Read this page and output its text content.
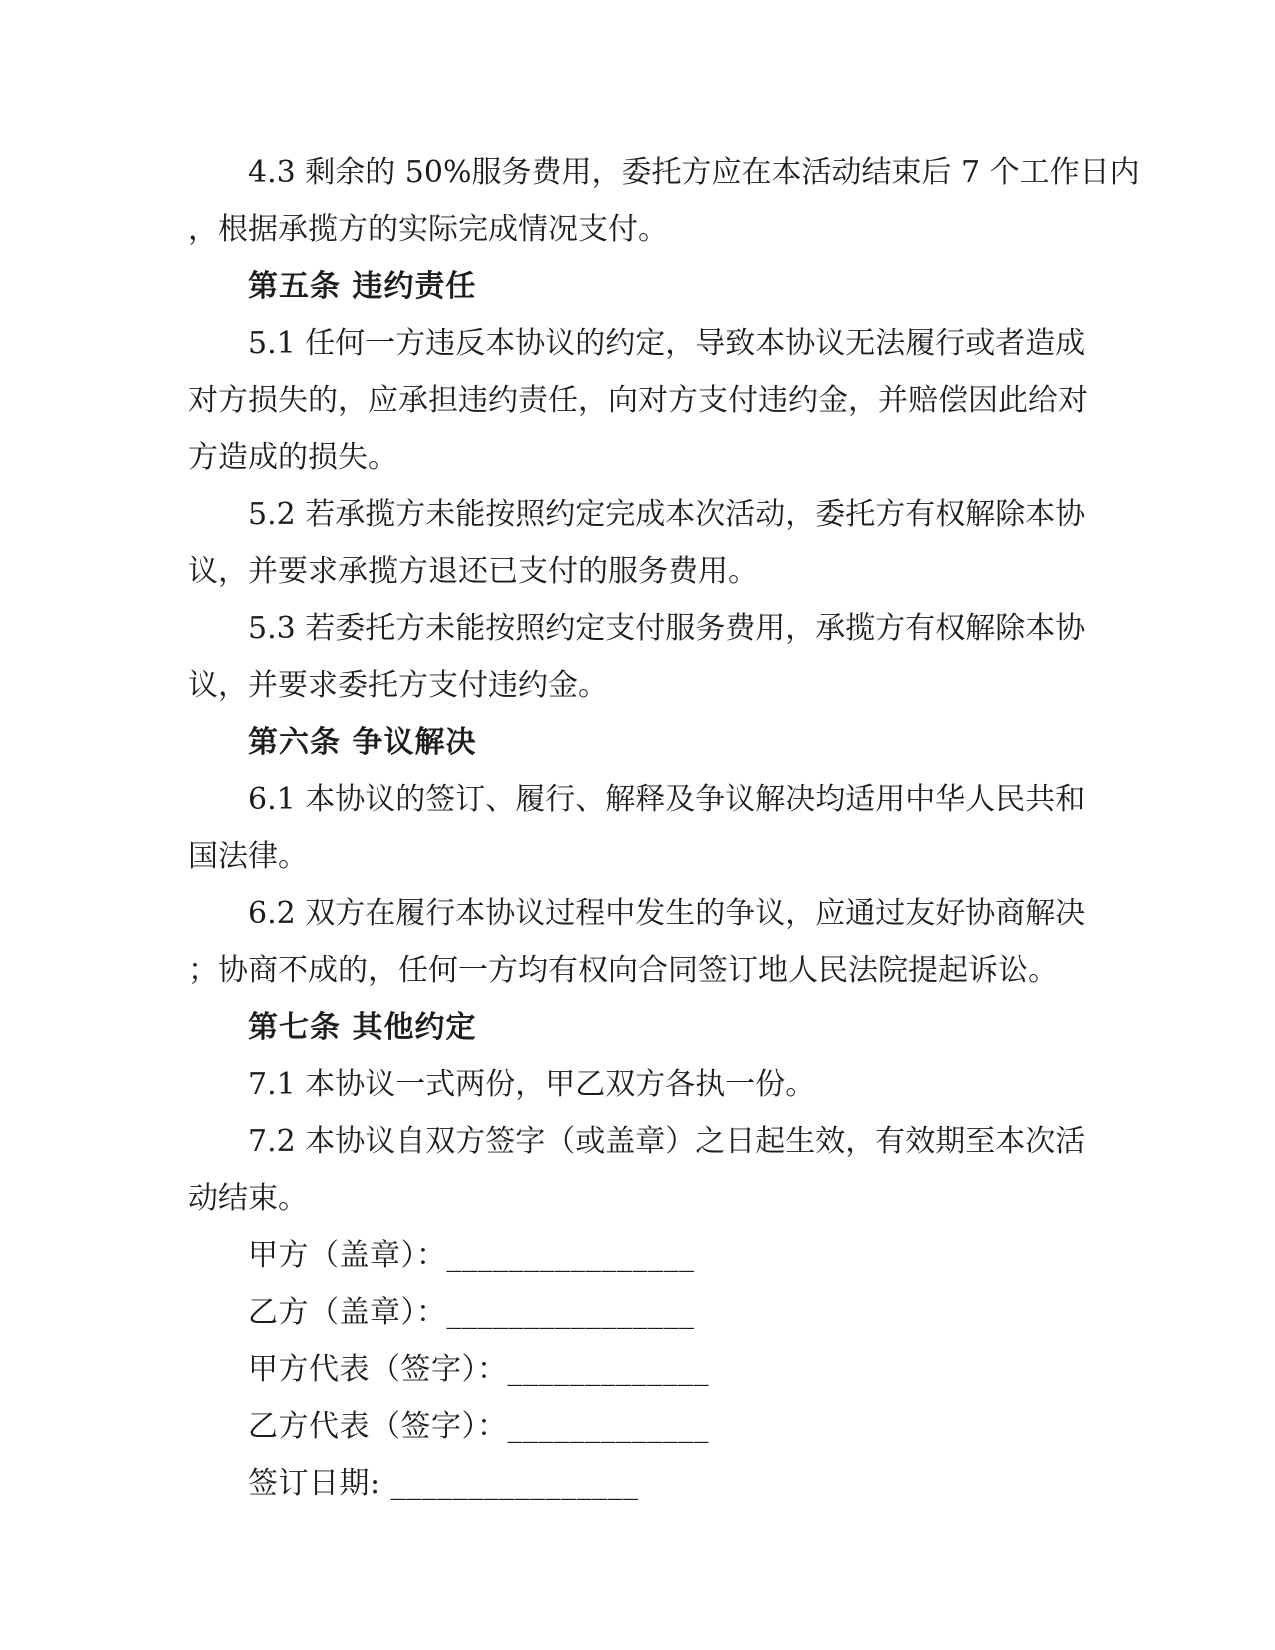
4.3 剩余的 50%服务费用，委托方应在本活动结束后 7 个工作日内
，根据承揽方的实际完成情况支付。
第五条 违约责任
5.1 任何一方违反本协议的约定，导致本协议无法履行或者造成
对方损失的，应承担违约责任，向对方支付违约金，并赔偿因此给对
方造成的损失。
5.2 若承揽方未能按照约定完成本次活动，委托方有权解除本协
议，并要求承揽方退还已支付的服务费用。
5.3 若委托方未能按照约定支付服务费用，承揽方有权解除本协
议，并要求委托方支付违约金。
第六条 争议解决
6.1 本协议的签订、履行、解释及争议解决均适用中华人民共和
国法律。
6.2 双方在履行本协议过程中发生的争议，应通过友好协商解决
；协商不成的，任何一方均有权向合同签订地人民法院提起诉讼。
第七条 其他约定
7.1 本协议一式两份，甲乙双方各执一份。
7.2 本协议自双方签字（或盖章）之日起生效，有效期至本次活
动结束。
甲方（盖章）：________________
乙方（盖章）：________________
甲方代表（签字）：_____________
乙方代表（签字）：_____________
签订日期: ________________
